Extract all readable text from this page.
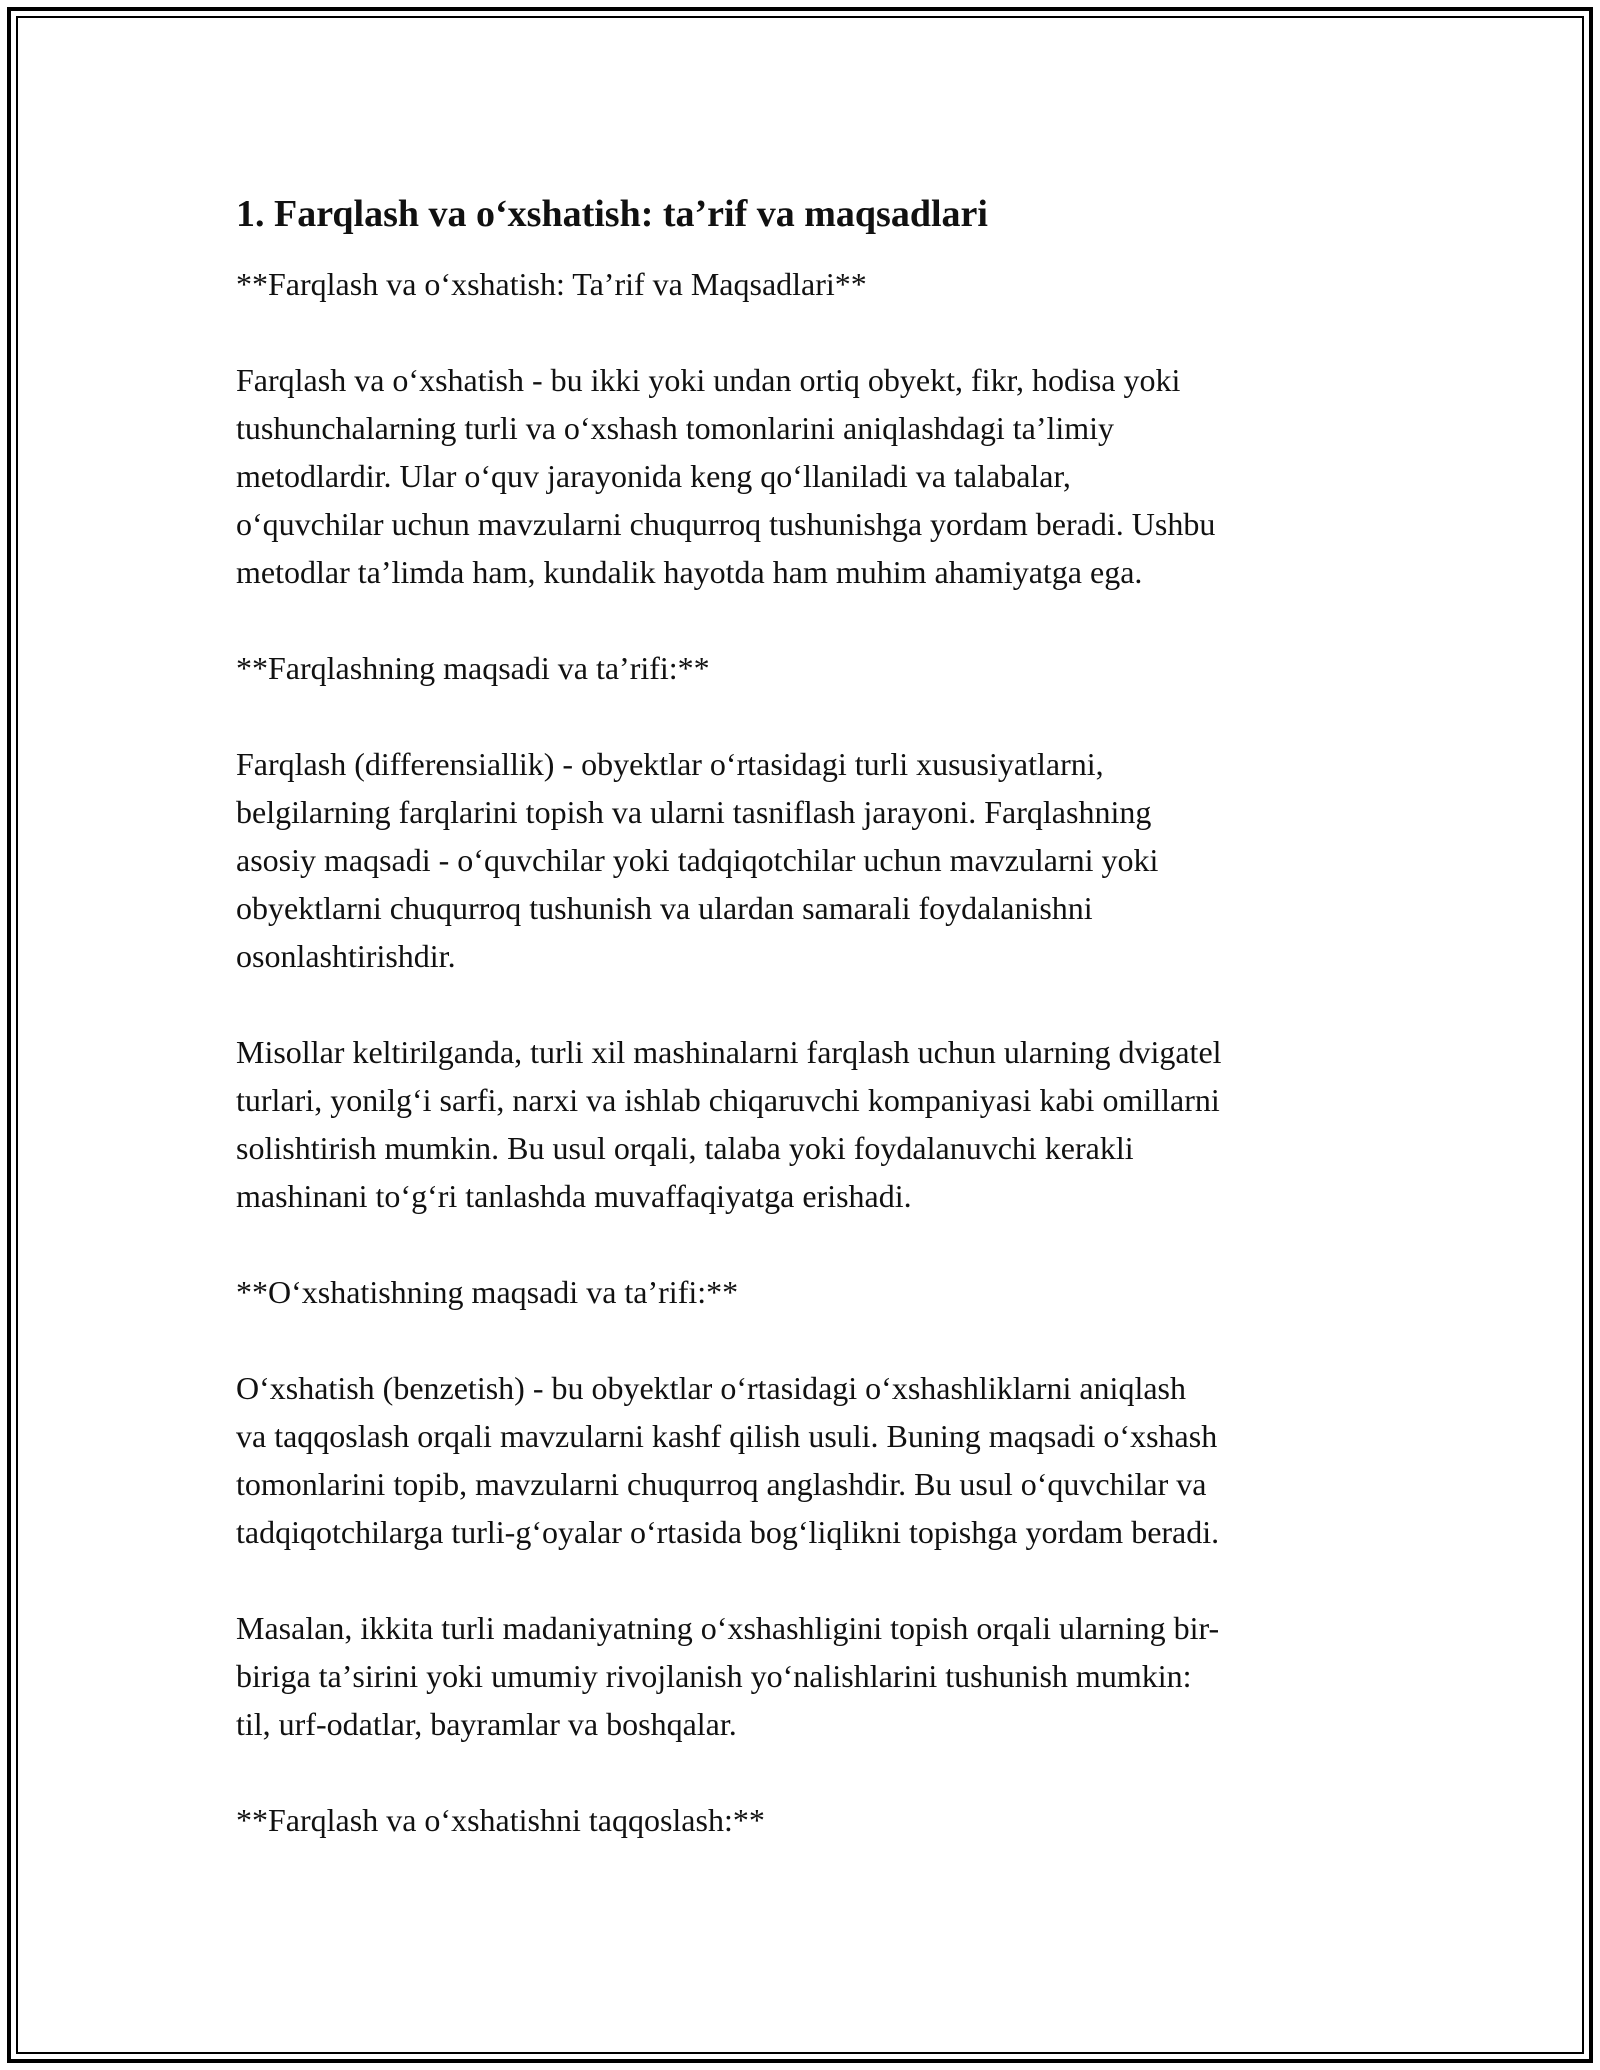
1. Farqlash va oʻxshatish: taʼrif va maqsadlari

**Farqlash va oʻxshatish: Taʼrif va Maqsadlari**

Farqlash va oʻxshatish - bu ikki yoki undan ortiq obyekt, fikr, hodisa yoki
tushunchalarning turli va oʻxshash tomonlarini aniqlashdagi taʼlimiy
metodlardir. Ular oʻquv jarayonida keng qoʻllaniladi va talabalar,
oʻquvchilar uchun mavzularni chuqurroq tushunishga yordam beradi. Ushbu
metodlar taʼlimda ham, kundalik hayotda ham muhim ahamiyatga ega.

**Farqlashning maqsadi va taʼrifi:**

Farqlash (differensiallik) - obyektlar oʻrtasidagi turli xususiyatlarni,
belgilarning farqlarini topish va ularni tasniflash jarayoni. Farqlashning
asosiy maqsadi - oʻquvchilar yoki tadqiqotchilar uchun mavzularni yoki
obyektlarni chuqurroq tushunish va ulardan samarali foydalanishni
osonlashtirishdir.

Misollar keltirilganda, turli xil mashinalarni farqlash uchun ularning dvigatel
turlari, yonilgʻi sarfi, narxi va ishlab chiqaruvchi kompaniyasi kabi omillarni
solishtirish mumkin. Bu usul orqali, talaba yoki foydalanuvchi kerakli
mashinani toʻgʻri tanlashda muvaffaqiyatga erishadi.

**Oʻxshatishning maqsadi va taʼrifi:**

Oʻxshatish (benzetish) - bu obyektlar oʻrtasidagi oʻxshashliklarni aniqlash
va taqqoslash orqali mavzularni kashf qilish usuli. Buning maqsadi oʻxshash
tomonlarini topib, mavzularni chuqurroq anglashdir. Bu usul oʻquvchilar va
tadqiqotchilarga turli-gʻoyalar oʻrtasida bogʻliqlikni topishga yordam beradi.

Masalan, ikkita turli madaniyatning oʻxshashligini topish orqali ularning bir-
biriga taʼsirini yoki umumiy rivojlanish yoʻnalishlarini tushunish mumkin:
til, urf-odatlar, bayramlar va boshqalar.

**Farqlash va oʻxshatishni taqqoslash:**
